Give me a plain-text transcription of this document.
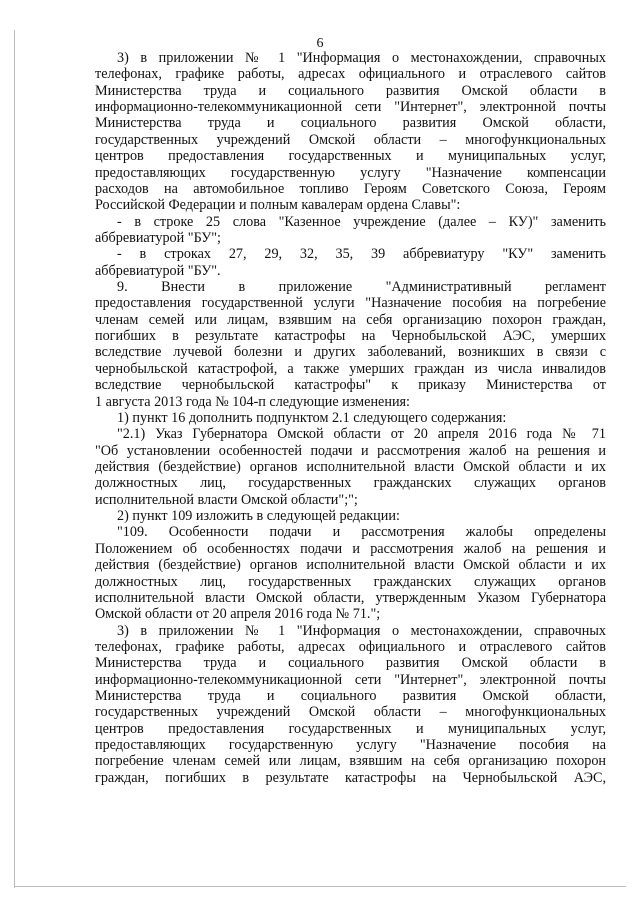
6
3) в приложении № 1 "Информация о местонахождении, справочных
телефонах, графике работы, адресах официального и отраслевого сайтов
Министерства труда и социального развития Омской области в
информационно-телекоммуникационной сети "Интернет", электронной почты
Министерства труда и социального развития Омской области,
государственных учреждений Омской области – многофункциональных
центров предоставления государственных и муниципальных услуг,
предоставляющих государственную услугу "Назначение компенсации
расходов на автомобильное топливо Героям Советского Союза, Героям
Российской Федерации и полным кавалерам ордена Славы":
- в строке 25 слова "Казенное учреждение (далее – КУ)" заменить
аббревиатурой "БУ";
- в строках 27, 29, 32, 35, 39 аббревиатуру "КУ" заменить
аббревиатурой "БУ".
9. Внести в приложение "Административный регламент
предоставления государственной услуги "Назначение пособия на погребение
членам семей или лицам, взявшим на себя организацию похорон граждан,
погибших в результате катастрофы на Чернобыльской АЭС, умерших
вследствие лучевой болезни и других заболеваний, возникших в связи с
чернобыльской катастрофой, а также умерших граждан из числа инвалидов
вследствие чернобыльской катастрофы" к приказу Министерства от
1 августа 2013 года № 104-п следующие изменения:
1) пункт 16 дополнить подпунктом 2.1 следующего содержания:
"2.1) Указ Губернатора Омской области от 20 апреля 2016 года № 71
"Об установлении особенностей подачи и рассмотрения жалоб на решения и
действия (бездействие) органов исполнительной власти Омской области и их
должностных лиц, государственных гражданских служащих органов
исполнительной власти Омской области";";
2) пункт 109 изложить в следующей редакции:
"109. Особенности подачи и рассмотрения жалобы определены
Положением об особенностях подачи и рассмотрения жалоб на решения и
действия (бездействие) органов исполнительной власти Омской области и их
должностных лиц, государственных гражданских служащих органов
исполнительной власти Омской области, утвержденным Указом Губернатора
Омской области от 20 апреля 2016 года № 71.";
3) в приложении № 1 "Информация о местонахождении, справочных
телефонах, графике работы, адресах официального и отраслевого сайтов
Министерства труда и социального развития Омской области в
информационно-телекоммуникационной сети "Интернет", электронной почты
Министерства труда и социального развития Омской области,
государственных учреждений Омской области – многофункциональных
центров предоставления государственных и муниципальных услуг,
предоставляющих государственную услугу "Назначение пособия на
погребение членам семей или лицам, взявшим на себя организацию похорон
граждан, погибших в результате катастрофы на Чернобыльской АЭС,
